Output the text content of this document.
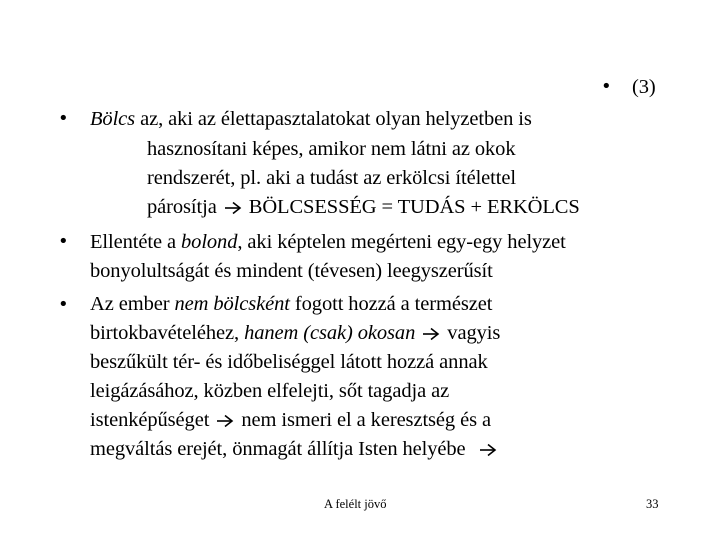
• (3)
• Bölcs az, aki az élettapasztalatokat olyan helyzetben is
hasznosítani képes, amikor nem látni az okok
rendszerét, pl. aki a tudást az erkölcsi ítélettel
párosítja BÖLCSESSÉG = TUDÁS + ERKÖLCS
• Ellentéte a bolond, aki képtelen megérteni egy-egy helyzet
bonyolultságát és mindent (tévesen) leegyszerűsít
• Az ember nem bölcsként fogott hozzá a természet
birtokbavételéhez, hanem (csak) okosan vagyis
beszűkült tér- és időbeliséggel látott hozzá annak
leigázásához, közben elfelejti, sőt tagadja az
istenképűséget nem ismeri el a keresztség és a
megváltás erejét, önmagát állítja Isten helyébe
A felélt jövő	33
